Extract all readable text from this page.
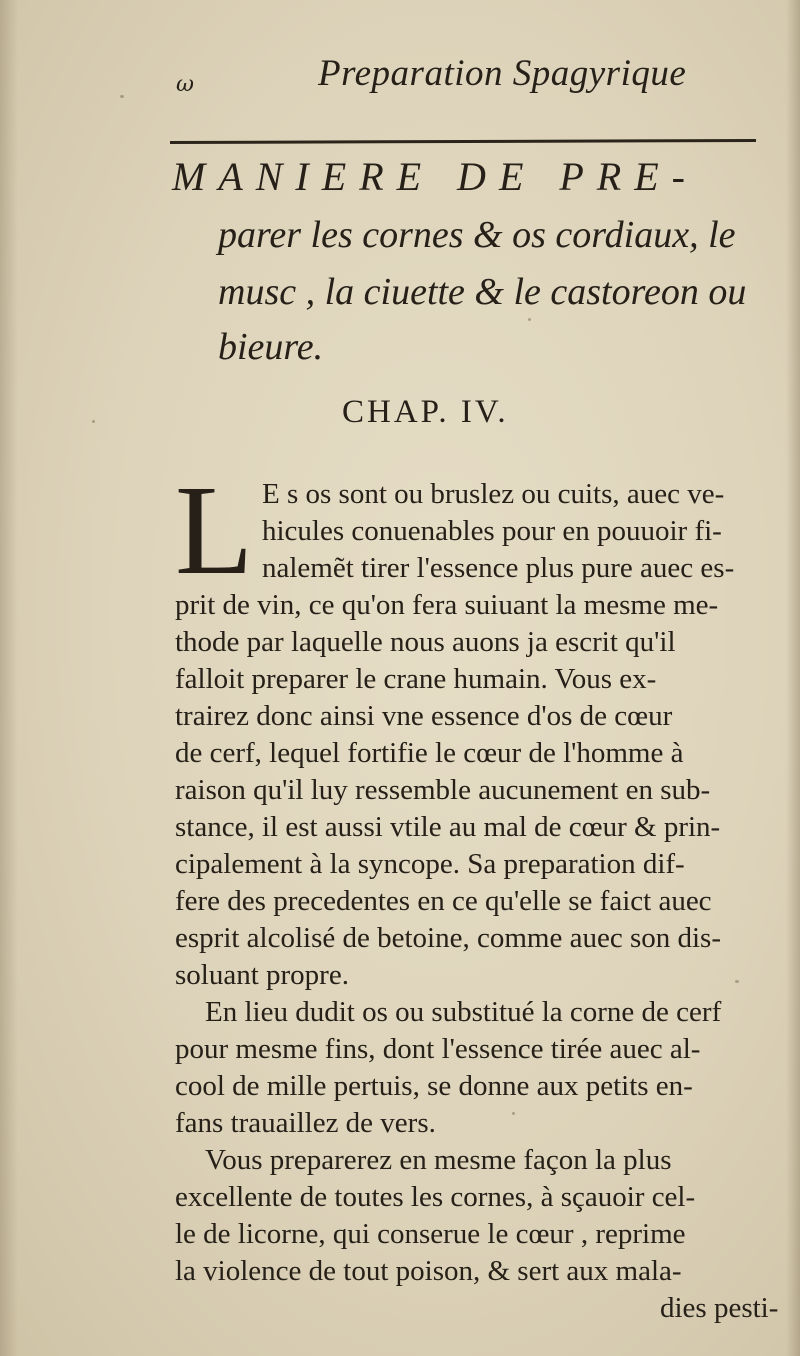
ω	Preparation Spagyrique
MANIERE DE PRE-
parer les cornes & os cordiaux, le
musc , la ciuette & le castoreon ou
bieure.
CHAP. IV.
L E s os sont ou bruslez ou cuits, auec ve-
hicules conuenables pour en pouuoir fi-
nalemẽt tirer l'essence plus pure auec es-
prit de vin, ce qu'on fera suiuant la mesme me-
thode par laquelle nous auons ja escrit qu'il
falloit preparer le crane humain. Vous ex-
trairez donc ainsi vne essence d'os de cœur
de cerf, lequel fortifie le cœur de l'homme à
raison qu'il luy ressemble aucunement en sub-
stance, il est aussi vtile au mal de cœur & prin-
cipalement à la syncope. Sa preparation dif-
fere des precedentes en ce qu'elle se faict auec
esprit alcolisé de betoine, comme auec son dis-
soluant propre.
En lieu dudit os ou substitué la corne de cerf
pour mesme fins, dont l'essence tirée auec al-
cool de mille pertuis, se donne aux petits en-
fans trauaillez de vers.
Vous preparerez en mesme façon la plus
excellente de toutes les cornes, à sçauoir cel-
le de licorne, qui conserue le cœur , reprime
la violence de tout poison, & sert aux mala-
dies pesti-
